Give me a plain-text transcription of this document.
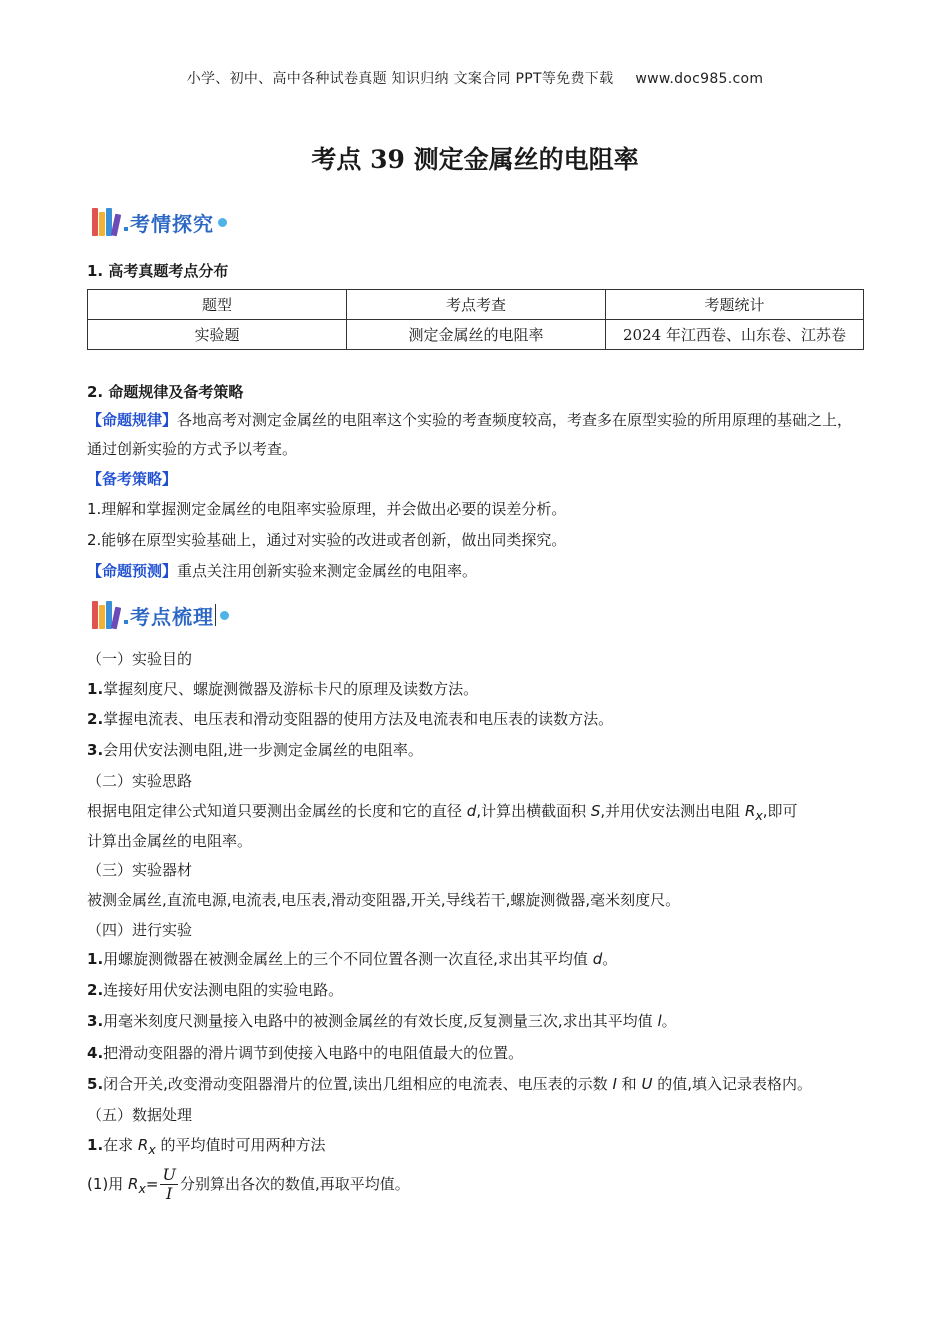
小学、初中、高中各种试卷真题 知识归纳 文案合同 PPT等免费下载 www.doc985.com
考点 39 测定金属丝的电阻率
考情探究
1. 高考真题考点分布
题型	考点考查	考题统计
实验题	测定金属丝的电阻率	2024 年江西卷、山东卷、江苏卷
2. 命题规律及备考策略
【命题规律】各地高考对测定金属丝的电阻率这个实验的考查频度较高，考查多在原型实验的所用原理的基础之上，通过创新实验的方式予以考查。
【备考策略】
1.理解和掌握测定金属丝的电阻率实验原理，并会做出必要的误差分析。
2.能够在原型实验基础上，通过对实验的改进或者创新，做出同类探究。
【命题预测】重点关注用创新实验来测定金属丝的电阻率。
考点梳理
（一）实验目的
1.掌握刻度尺、螺旋测微器及游标卡尺的原理及读数方法。
2.掌握电流表、电压表和滑动变阻器的使用方法及电流表和电压表的读数方法。
3.会用伏安法测电阻,进一步测定金属丝的电阻率。
（二）实验思路
根据电阻定律公式知道只要测出金属丝的长度和它的直径 d,计算出横截面积 S,并用伏安法测出电阻 $R_x$,即可
计算出金属丝的电阻率。
（三）实验器材
被测金属丝,直流电源,电流表,电压表,滑动变阻器,开关,导线若干,螺旋测微器,毫米刻度尺。
（四）进行实验
1.用螺旋测微器在被测金属丝上的三个不同位置各测一次直径,求出其平均值 d。
2.连接好用伏安法测电阻的实验电路。
3.用毫米刻度尺测量接入电路中的被测金属丝的有效长度,反复测量三次,求出其平均值 l。
4.把滑动变阻器的滑片调节到使接入电路中的电阻值最大的位置。
5.闭合开关,改变滑动变阻器滑片的位置,读出几组相应的电流表、电压表的示数 I 和 U 的值,填入记录表格内。
（五）数据处理
1.在求 $R_x$ 的平均值时可用两种方法
(1)用 $R_x= \frac{U}{I}$ 分别算出各次的数值,再取平均值。
